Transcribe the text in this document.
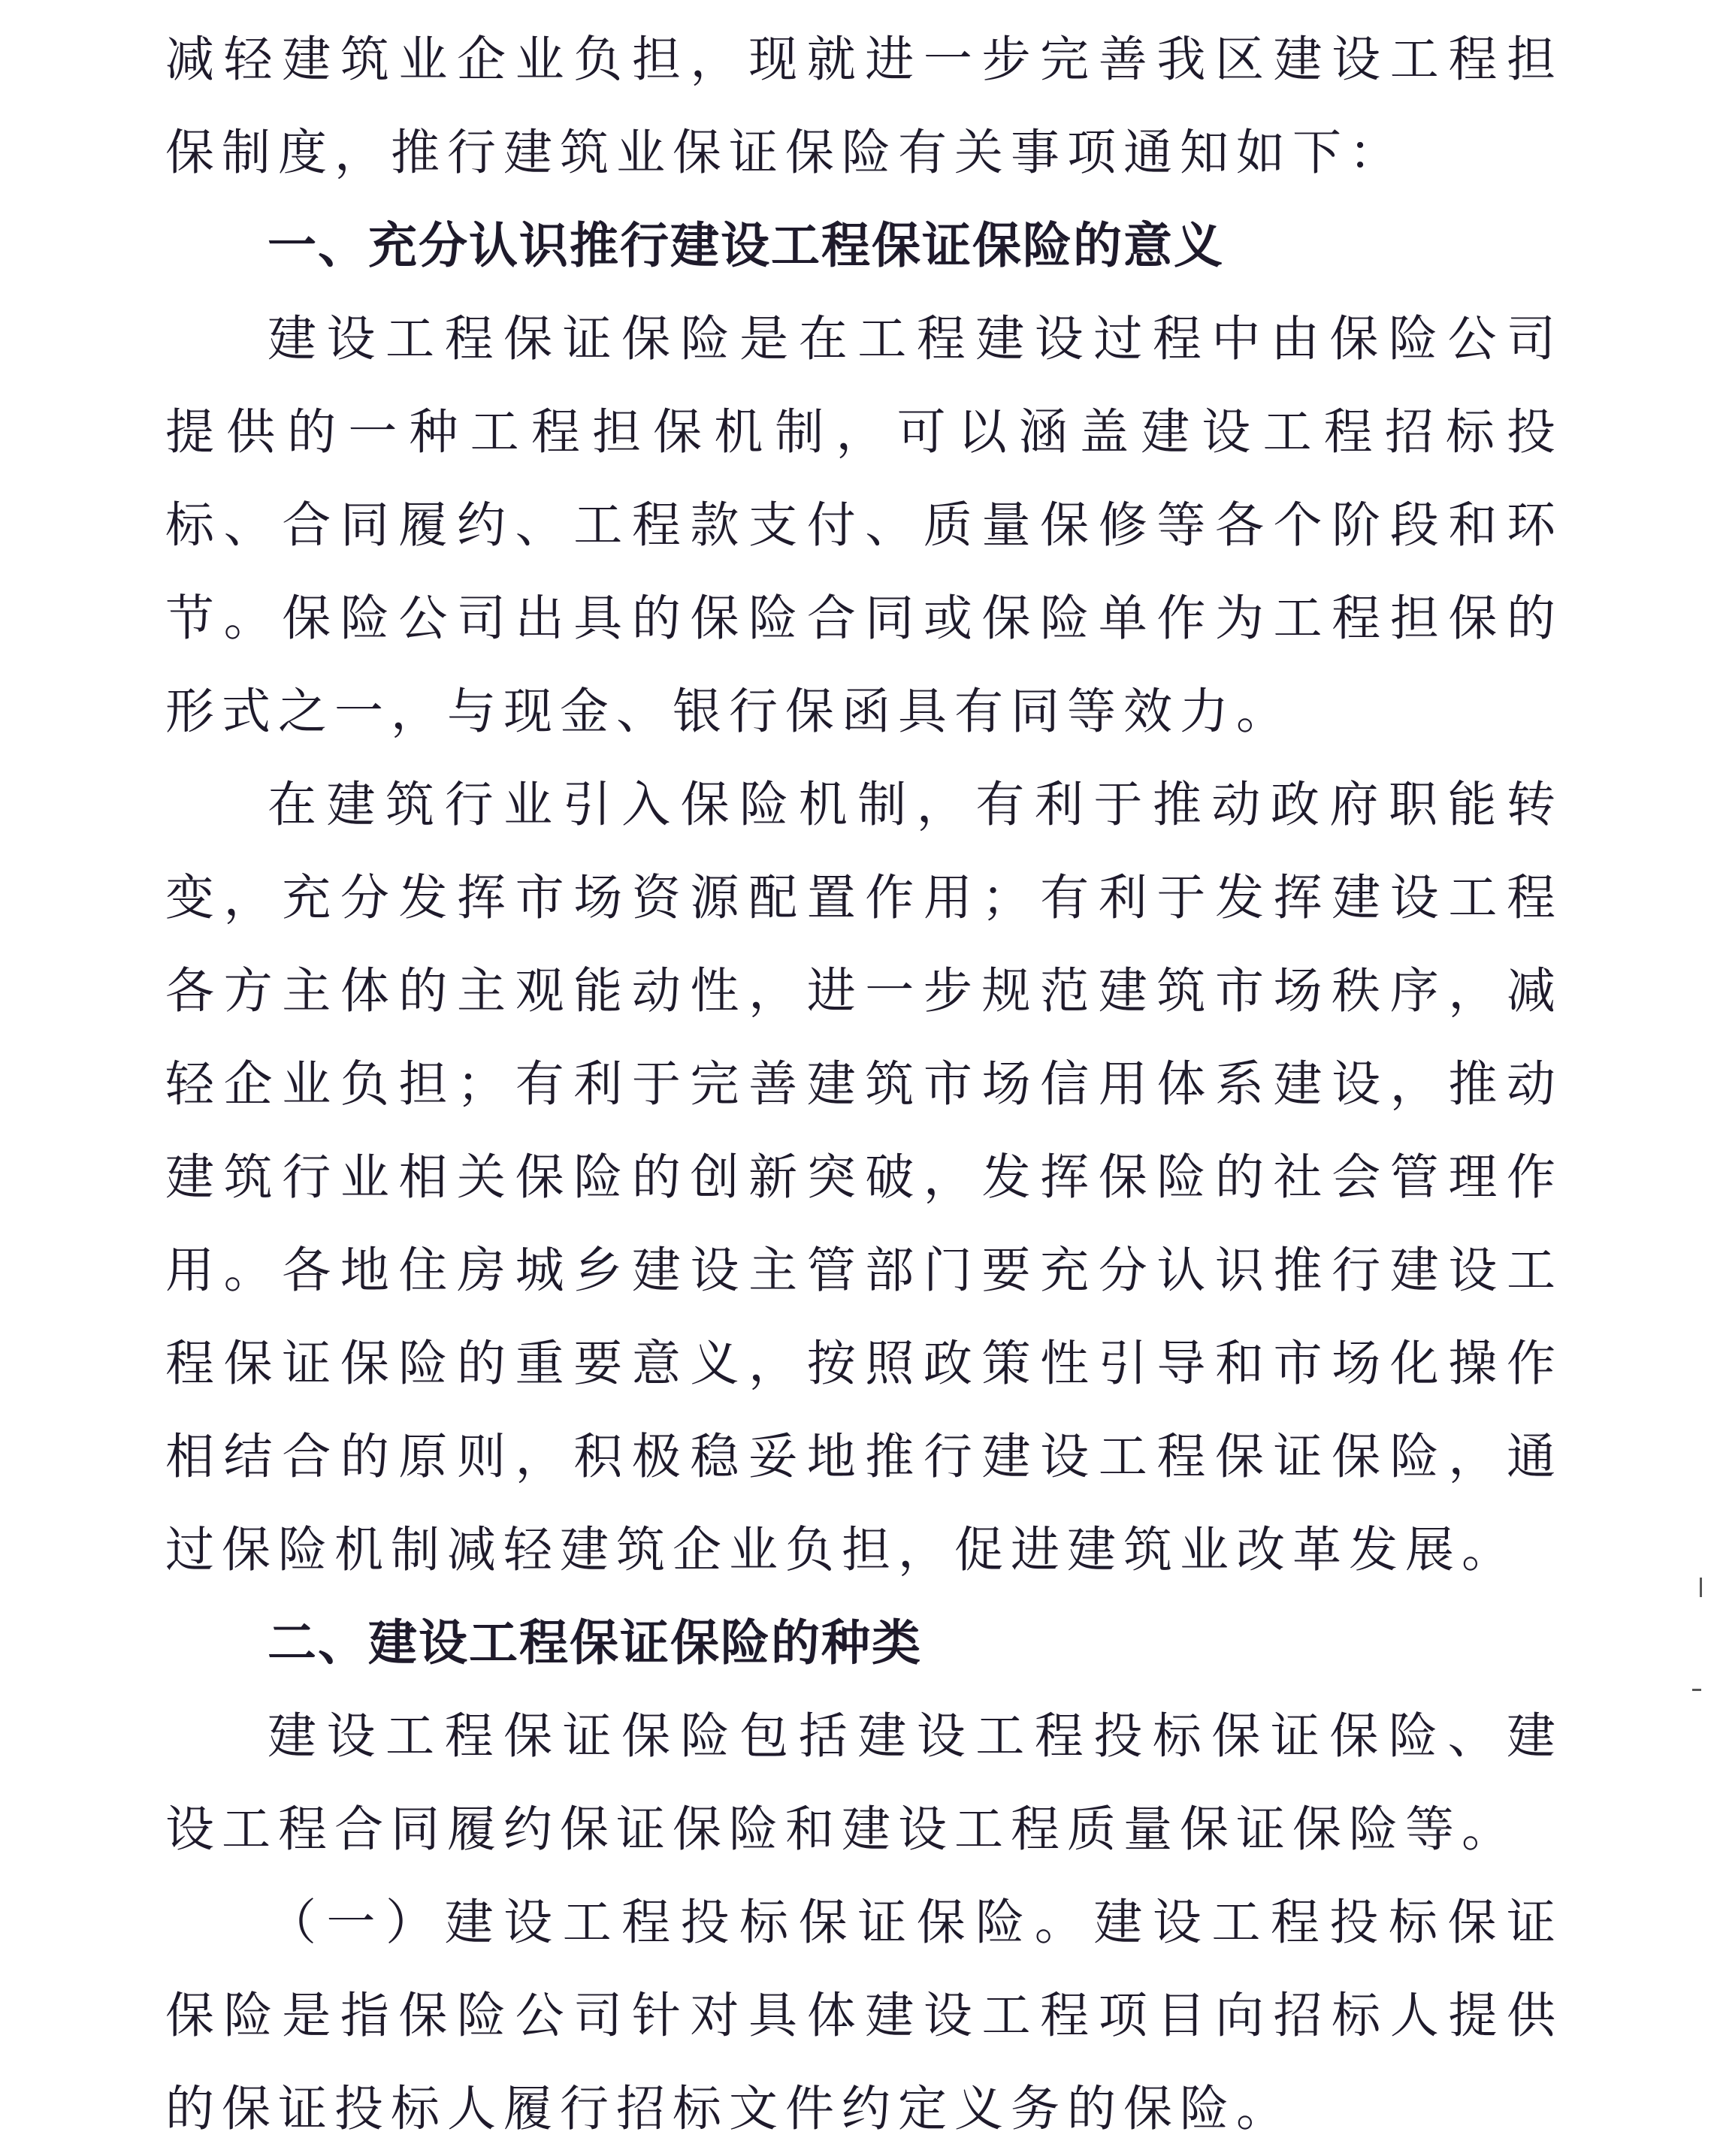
减轻建筑业企业负担，现就进一步完善我区建设工程担保制度，推行建筑业保证保险有关事项通知如下：

一、充分认识推行建设工程保证保险的意义

建设工程保证保险是在工程建设过程中由保险公司提供的一种工程担保机制，可以涵盖建设工程招标投标、合同履约、工程款支付、质量保修等各个阶段和环节。保险公司出具的保险合同或保险单作为工程担保的形式之一，与现金、银行保函具有同等效力。

在建筑行业引入保险机制，有利于推动政府职能转变，充分发挥市场资源配置作用；有利于发挥建设工程各方主体的主观能动性，进一步规范建筑市场秩序，减轻企业负担；有利于完善建筑市场信用体系建设，推动建筑行业相关保险的创新突破，发挥保险的社会管理作用。各地住房城乡建设主管部门要充分认识推行建设工程保证保险的重要意义，按照政策性引导和市场化操作相结合的原则，积极稳妥地推行建设工程保证保险，通过保险机制减轻建筑企业负担，促进建筑业改革发展。

二、建设工程保证保险的种类

建设工程保证保险包括建设工程投标保证保险、建设工程合同履约保证保险和建设工程质量保证保险等。

（一）建设工程投标保证保险。建设工程投标保证保险是指保险公司针对具体建设工程项目向招标人提供的保证投标人履行招标文件约定义务的保险。
